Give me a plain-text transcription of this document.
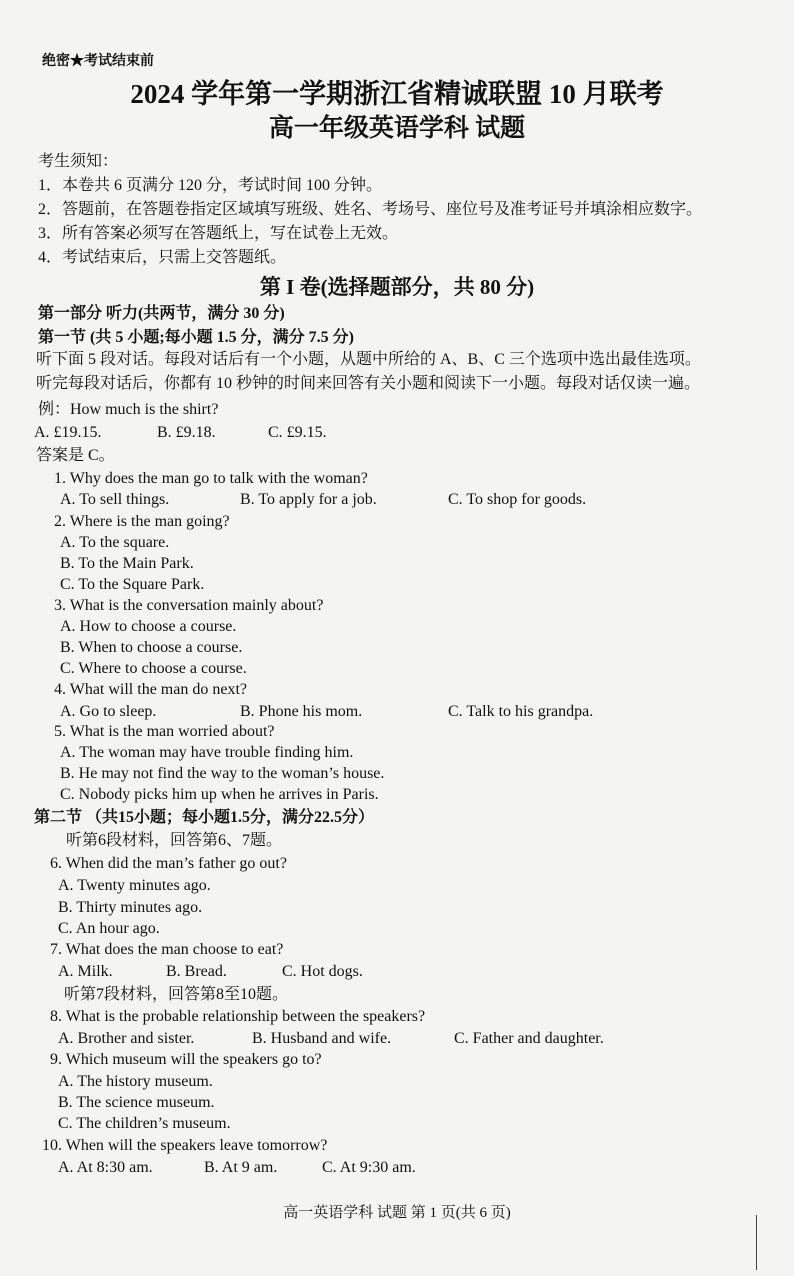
绝密★考试结束前
2024 学年第一学期浙江省精诚联盟 10 月联考
高一年级英语学科 试题
考生须知：
1．本卷共 6 页满分 120 分，考试时间 100 分钟。
2．答题前，在答题卷指定区域填写班级、姓名、考场号、座位号及准考证号并填涂相应数字。
3．所有答案必须写在答题纸上，写在试卷上无效。
4．考试结束后，只需上交答题纸。
第 I 卷(选择题部分，共 80 分)
第一部分 听力(共两节，满分 30 分)
第一节 (共 5 小题;每小题 1.5 分，满分 7.5 分)
听下面 5 段对话。每段对话后有一个小题，从题中所给的 A、B、C 三个选项中选出最佳选项。
听完每段对话后，你都有 10 秒钟的时间来回答有关小题和阅读下一小题。每段对话仅读一遍。
例：How much is the shirt?
A. £19.15.	B. £9.18.	C. £9.15.
答案是 C。
1. Why does the man go to talk with the woman?
A. To sell things.	B. To apply for a job.	C. To shop for goods.
2. Where is the man going?
A. To the square.
B. To the Main Park.
C. To the Square Park.
3. What is the conversation mainly about?
A. How to choose a course.
B. When to choose a course.
C. Where to choose a course.
4. What will the man do next?
A. Go to sleep.	B. Phone his mom.	C. Talk to his grandpa.
5. What is the man worried about?
A. The woman may have trouble finding him.
B. He may not find the way to the woman’s house.
C. Nobody picks him up when he arrives in Paris.
第二节 （共15小题；每小题1.5分，满分22.5分）
听第6段材料，回答第6、7题。
6. When did the man’s father go out?
A. Twenty minutes ago.
B. Thirty minutes ago.
C. An hour ago.
7. What does the man choose to eat?
A. Milk.	B. Bread.	C. Hot dogs.
听第7段材料，回答第8至10题。
8. What is the probable relationship between the speakers?
A. Brother and sister.	B. Husband and wife.	C. Father and daughter.
9. Which museum will the speakers go to?
A. The history museum.
B. The science museum.
C. The children’s museum.
10. When will the speakers leave tomorrow?
A. At 8:30 am.	B. At 9 am.	C. At 9:30 am.
高一英语学科 试题 第 1 页(共 6 页)
